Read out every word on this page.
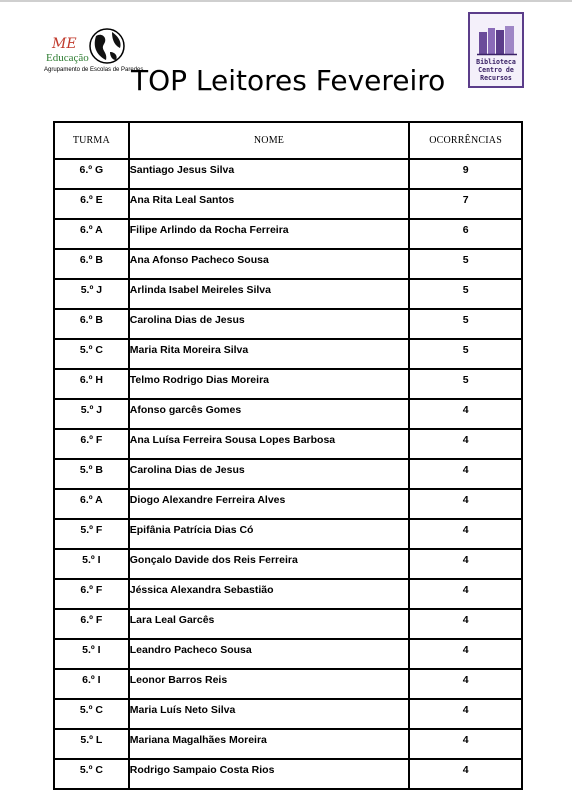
ME
Educação
Agrupamento de Escolas de Paredes
Biblioteca
Centro de
Recursos
TOP Leitores Fevereiro
TURMA	NOME	OCORRÊNCIAS
6.º G	Santiago Jesus Silva	9
6.º E	Ana Rita Leal Santos	7
6.º A	Filipe Arlindo da Rocha Ferreira	6
6.º B	Ana Afonso Pacheco Sousa	5
5.º J	Arlinda Isabel Meireles Silva	5
6.º B	Carolina Dias de Jesus	5
5.º C	Maria Rita Moreira Silva	5
6.º H	Telmo Rodrigo Dias Moreira	5
5.º J	Afonso garcês Gomes	4
6.º F	Ana Luísa Ferreira Sousa Lopes Barbosa	4
5.º B	Carolina Dias de Jesus	4
6.º A	Diogo Alexandre Ferreira Alves	4
5.º F	Epifânia Patrícia Dias Có	4
5.º I	Gonçalo Davide dos Reis Ferreira	4
6.º F	Jéssica Alexandra Sebastião	4
6.º F	Lara Leal Garcês	4
5.º I	Leandro Pacheco Sousa	4
6.º I	Leonor Barros Reis	4
5.º C	Maria Luís Neto Silva	4
5.º L	Mariana Magalhães Moreira	4
5.º C	Rodrigo Sampaio Costa Rios	4
